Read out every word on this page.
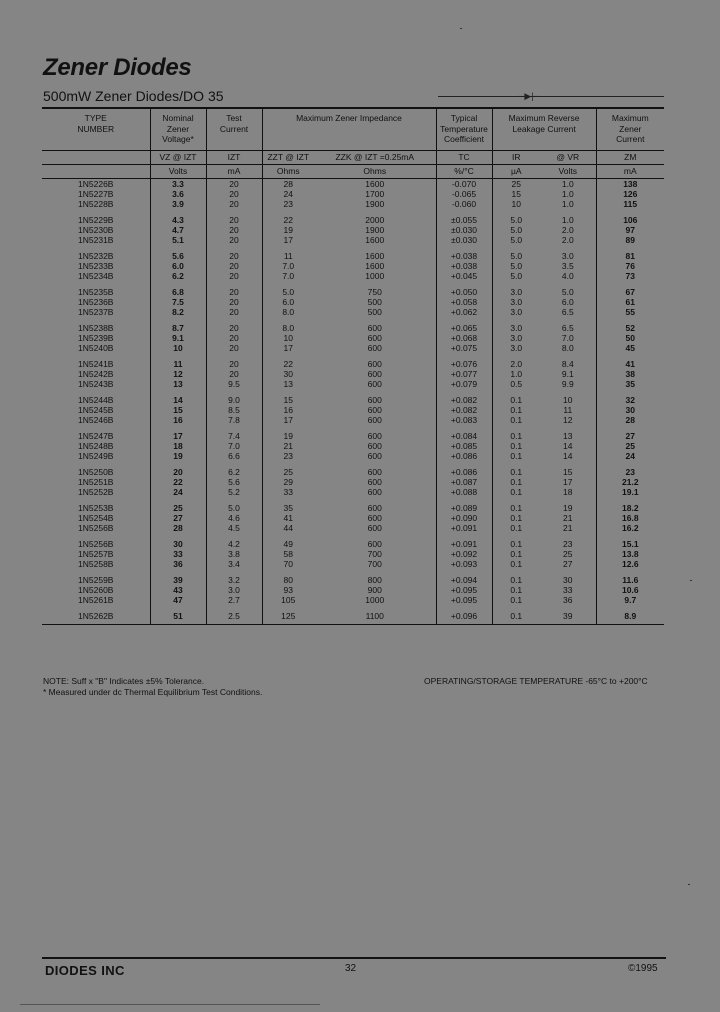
Zener Diodes
500mW Zener Diodes/DO 35	─▶|─
TYPE
NUMBER	Nominal
Zener
Voltage*	Test
Current	Maximum Zener Impedance		Typical
Temperature
Coefficient	Maximum Reverse
Leakage Current		Maximum
Zener
Current
	VZ @ IZT	IZT	ZZT @ IZT	ZZK @ IZT =0.25mA	TC	IR	@ VR	ZM
	Volts	mA	Ohms	Ohms	%/°C	µA	Volts	mA
1N5226B	3.3	20	28	1600	-0.070	25	1.0	138
1N5227B	3.6	20	24	1700	-0.065	15	1.0	126
1N5228B	3.9	20	23	1900	-0.060	10	1.0	115

1N5229B	4.3	20	22	2000	±0.055	5.0	1.0	106
1N5230B	4.7	20	19	1900	±0.030	5.0	2.0	97
1N5231B	5.1	20	17	1600	±0.030	5.0	2.0	89

1N5232B	5.6	20	11	1600	+0.038	5.0	3.0	81
1N5233B	6.0	20	7.0	1600	+0.038	5.0	3.5	76
1N5234B	6.2	20	7.0	1000	+0.045	5.0	4.0	73

1N5235B	6.8	20	5.0	750	+0.050	3.0	5.0	67
1N5236B	7.5	20	6.0	500	+0.058	3.0	6.0	61
1N5237B	8.2	20	8.0	500	+0.062	3.0	6.5	55

1N5238B	8.7	20	8.0	600	+0.065	3.0	6.5	52
1N5239B	9.1	20	10	600	+0.068	3.0	7.0	50
1N5240B	10	20	17	600	+0.075	3.0	8.0	45

1N5241B	11	20	22	600	+0.076	2.0	8.4	41
1N5242B	12	20	30	600	+0.077	1.0	9.1	38
1N5243B	13	9.5	13	600	+0.079	0.5	9.9	35

1N5244B	14	9.0	15	600	+0.082	0.1	10	32
1N5245B	15	8.5	16	600	+0.082	0.1	11	30
1N5246B	16	7.8	17	600	+0.083	0.1	12	28

1N5247B	17	7.4	19	600	+0.084	0.1	13	27
1N5248B	18	7.0	21	600	+0.085	0.1	14	25
1N5249B	19	6.6	23	600	+0.086	0.1	14	24

1N5250B	20	6.2	25	600	+0.086	0.1	15	23
1N5251B	22	5.6	29	600	+0.087	0.1	17	21.2
1N5252B	24	5.2	33	600	+0.088	0.1	18	19.1

1N5253B	25	5.0	35	600	+0.089	0.1	19	18.2
1N5254B	27	4.6	41	600	+0.090	0.1	21	16.8
1N5256B	28	4.5	44	600	+0.091	0.1	21	16.2

1N5256B	30	4.2	49	600	+0.091	0.1	23	15.1
1N5257B	33	3.8	58	700	+0.092	0.1	25	13.8
1N5258B	36	3.4	70	700	+0.093	0.1	27	12.6

1N5259B	39	3.2	80	800	+0.094	0.1	30	11.6
1N5260B	43	3.0	93	900	+0.095	0.1	33	10.6
1N5261B	47	2.7	105	1000	+0.095	0.1	36	9.7

1N5262B	51	2.5	125	1100	+0.096	0.1	39	8.9
NOTE: Suff x "B" Indicates ±5% Tolerance.
* Measured under dc Thermal Equilibrium Test Conditions.
OPERATING/STORAGE TEMPERATURE -65°C to +200°C
DIODES INC	32	©1995
